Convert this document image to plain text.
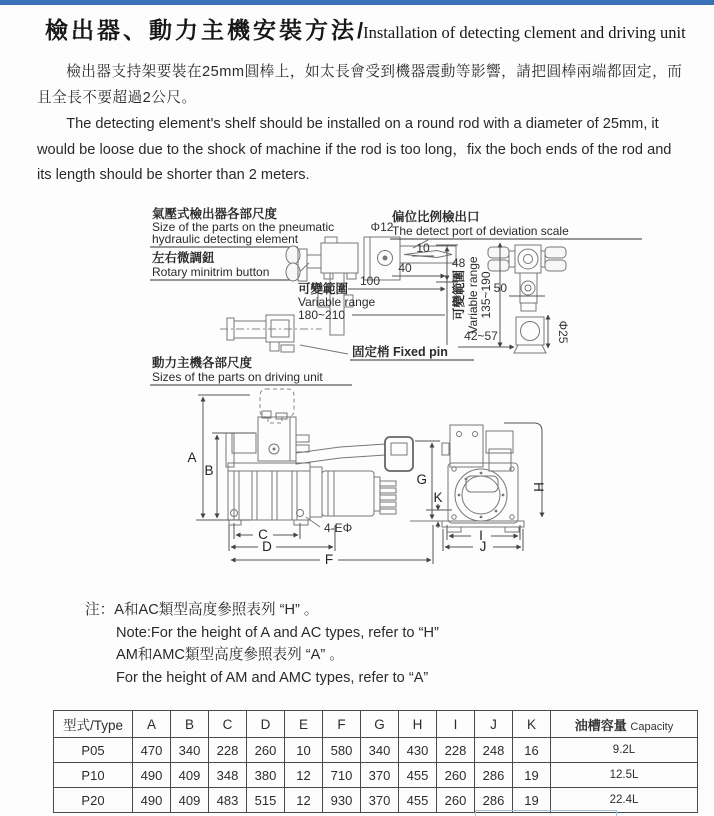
檢出器、動力主機安裝方法/Installation of detecting clement and driving unit

檢出器支持架要裝在25mm圓棒上，如太長會受到機器震動等影響，請把圓棒兩端都固定，而且全長不要超過2公尺。

The detecting element's shelf should be installed on a round rod with a diameter of 25mm, it would be loose due to the shock of machine if the rod is too long，fix the boch ends of the rod and its length should be shorter than 2 meters.

氣壓式檢出器各部尺度
Size of the parts on the pneumatic
hydraulic detecting element
左右微調鈕
Rotary minitrim button
Φ12
偏位比例檢出口
The detect port of deviation scale
10
48
40
100
可變範圍
Variable range
180~210
固定梢 Fixed pin
動力主機各部尺度
Sizes of the parts on driving unit
可變範圍 Variable range 135~190 50
42~57	Φ25
A
B
C
D
F
G
K
4-EΦ
H
I
J
注：A和AC類型高度參照表列 “H” 。
Note:For the height of A and AC types, refer to “H”
AM和AMC類型高度參照表列 “A” 。
For the height of AM and AMC types, refer to “A”
型式/Type	A	B	C	D	E	F	G	H	I	J	K	油槽容量 Capacity
P05	470	340	228	260	10	580	340	430	228	248	16	9.2L
P10	490	409	348	380	12	710	370	455	260	286	19	12.5L
P20	490	409	483	515	12	930	370	455	260	286	19	22.4L
